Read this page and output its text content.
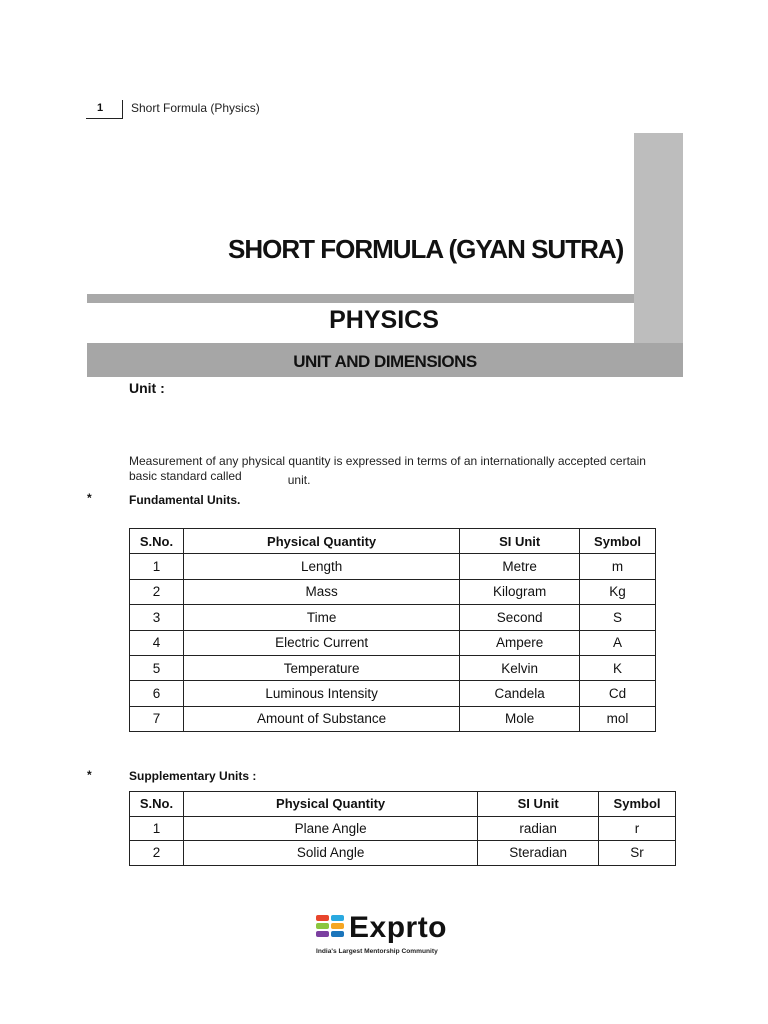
1 Short Formula (Physics)
SHORT FORMULA (GYAN SUTRA)
PHYSICS
UNIT AND DIMENSIONS
Unit :
Measurement of any physical quantity is expressed in terms of an internationally accepted certain
basic standard called	unit.
*	Fundamental Units.
S.No.	Physical Quantity	SI Unit	Symbol
1	Length	Metre	m
2	Mass	Kilogram	Kg
3	Time	Second	S
4	Electric Current	Ampere	A
5	Temperature	Kelvin	K
6	Luminous Intensity	Candela	Cd
7	Amount of Substance	Mole	mol
*	Supplementary Units :
S.No.	Physical Quantity	SI Unit	Symbol
1	Plane Angle	radian	r
2	Solid Angle	Steradian	Sr
Exprto
India's Largest Mentorship Community
